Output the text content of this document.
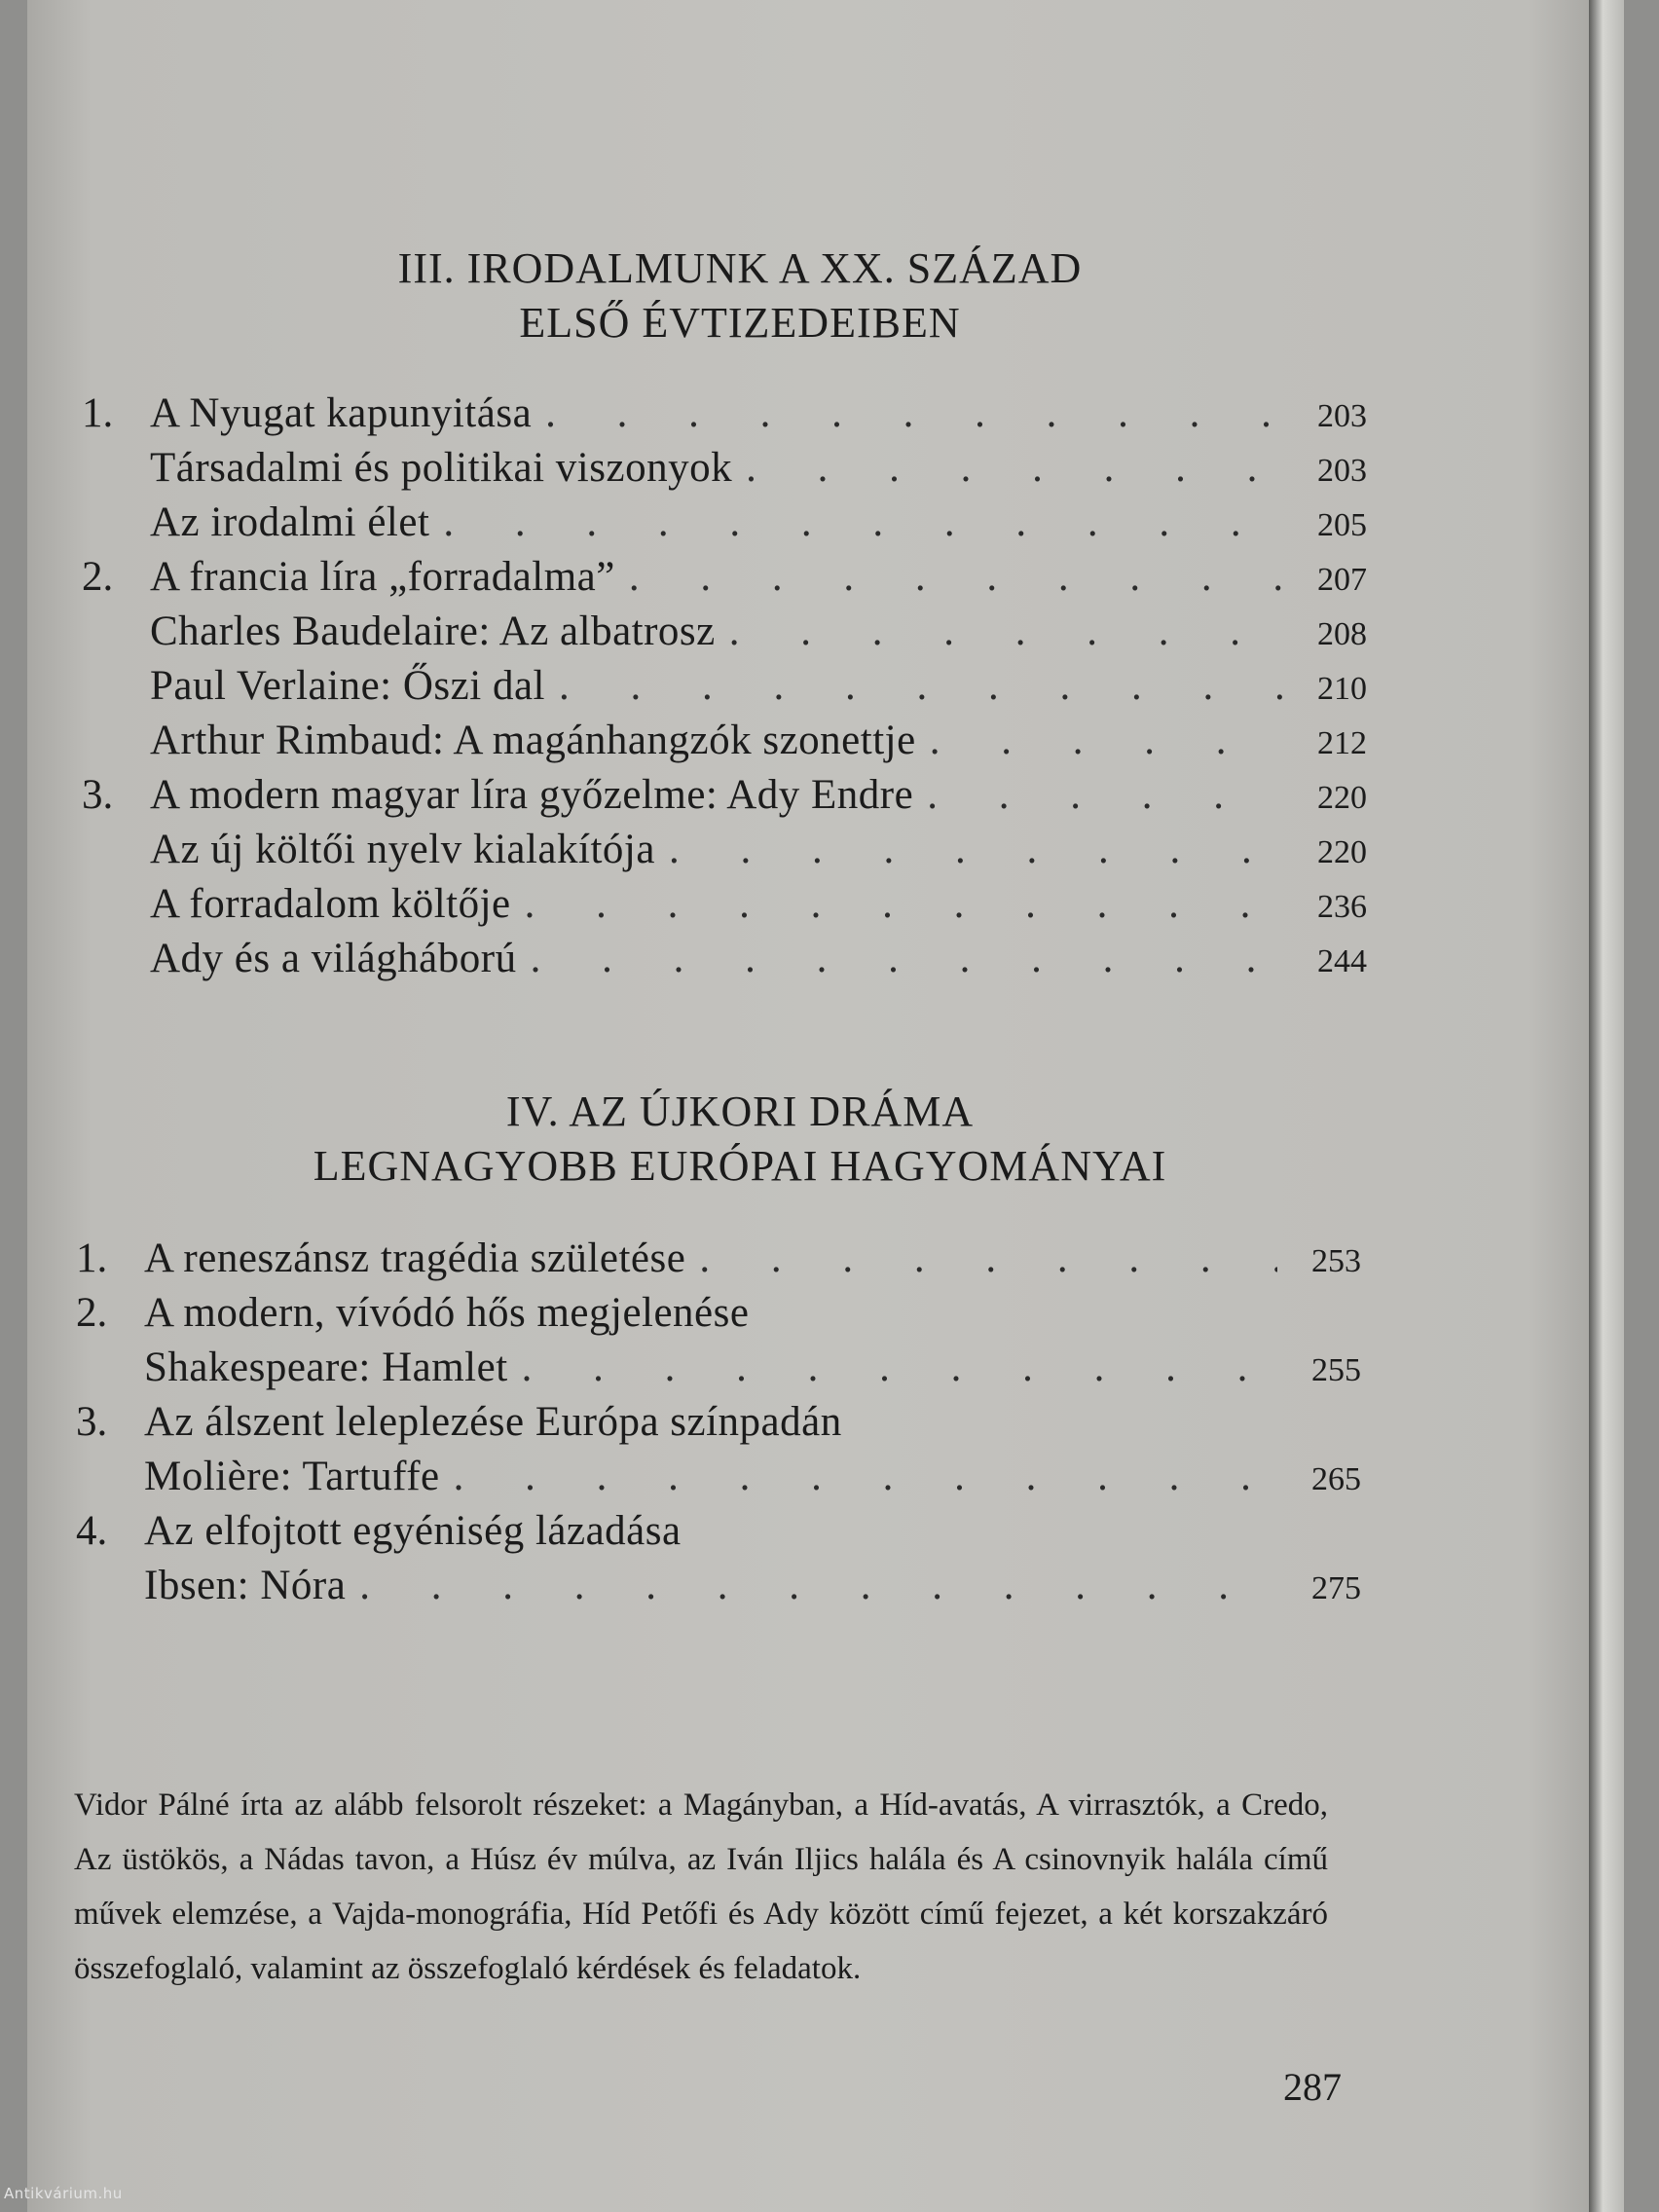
III. IRODALMUNK A XX. SZÁZAD
ELSŐ ÉVTIZEDEIBEN
1. A Nyugat kapunyitása . . .	203
Társadalmi és politikai viszonyok . . .	203
Az irodalmi élet . . .	205
2. A francia líra „forradalma” . . .	207
Charles Baudelaire: Az albatrosz . . .	208
Paul Verlaine: Őszi dal . . .	210
Arthur Rimbaud: A magánhangzók szonettje . . .	212
3. A modern magyar líra győzelme: Ady Endre . . .	220
Az új költői nyelv kialakítója . . .	220
A forradalom költője . . .	236
Ady és a világháború . . .	244
IV. AZ ÚJKORI DRÁMA
LEGNAGYOBB EURÓPAI HAGYOMÁNYAI
1. A reneszánsz tragédia születése . . .	253
2. A modern, vívódó hős megjelenése
Shakespeare: Hamlet . . .	255
3. Az álszent leleplezése Európa színpadán
Molière: Tartuffe . . .	265
4. Az elfojtott egyéniség lázadása
Ibsen: Nóra . . .	275
Vidor Pálné írta az alább felsorolt részeket: a Magányban, a Híd-avatás, A virrasztók, a Credo, Az üstökös, a Nádas tavon, a Húsz év múlva, az Iván Iljics halála és A csinovnyik halála című művek elemzése, a Vajda-monográfia, Híd Petőfi és Ady között című fejezet, a két korszakzáró összefoglaló, valamint az összefoglaló kérdések és feladatok.
287
Antikvárium.hu
